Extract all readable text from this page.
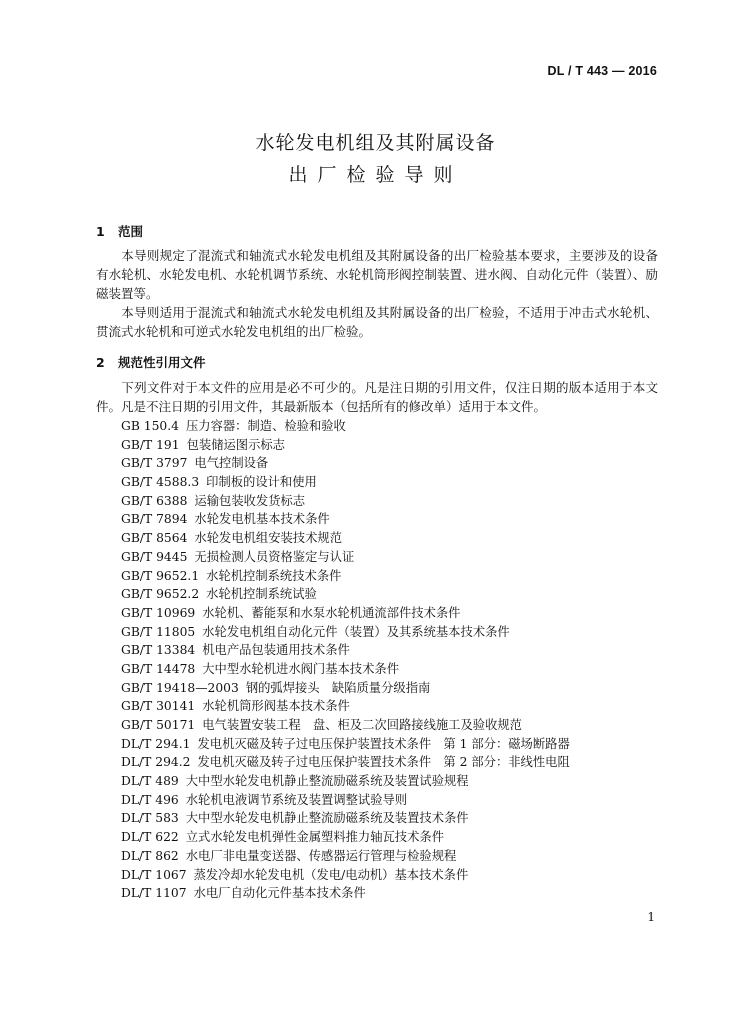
DL / T 443 — 2016
水轮发电机组及其附属设备
出厂检验导则
1 范围
本导则规定了混流式和轴流式水轮发电机组及其附属设备的出厂检验基本要求，主要涉及的设备有水轮机、水轮发电机、水轮机调节系统、水轮机筒形阀控制装置、进水阀、自动化元件（装置）、励磁装置等。
本导则适用于混流式和轴流式水轮发电机组及其附属设备的出厂检验，不适用于冲击式水轮机、贯流式水轮机和可逆式水轮发电机组的出厂检验。
2 规范性引用文件
下列文件对于本文件的应用是必不可少的。凡是注日期的引用文件，仅注日期的版本适用于本文件。凡是不注日期的引用文件，其最新版本（包括所有的修改单）适用于本文件。
GB 150.4 压力容器：制造、检验和验收
GB/T 191 包装储运图示标志
GB/T 3797 电气控制设备
GB/T 4588.3 印制板的设计和使用
GB/T 6388 运输包装收发货标志
GB/T 7894 水轮发电机基本技术条件
GB/T 8564 水轮发电机组安装技术规范
GB/T 9445 无损检测人员资格鉴定与认证
GB/T 9652.1 水轮机控制系统技术条件
GB/T 9652.2 水轮机控制系统试验
GB/T 10969 水轮机、蓄能泵和水泵水轮机通流部件技术条件
GB/T 11805 水轮发电机组自动化元件（装置）及其系统基本技术条件
GB/T 13384 机电产品包装通用技术条件
GB/T 14478 大中型水轮机进水阀门基本技术条件
GB/T 19418—2003 钢的弧焊接头　缺陷质量分级指南
GB/T 30141 水轮机筒形阀基本技术条件
GB/T 50171 电气装置安装工程　盘、柜及二次回路接线施工及验收规范
DL/T 294.1 发电机灭磁及转子过电压保护装置技术条件　第 1 部分：磁场断路器
DL/T 294.2 发电机灭磁及转子过电压保护装置技术条件　第 2 部分：非线性电阻
DL/T 489 大中型水轮发电机静止整流励磁系统及装置试验规程
DL/T 496 水轮机电液调节系统及装置调整试验导则
DL/T 583 大中型水轮发电机静止整流励磁系统及装置技术条件
DL/T 622 立式水轮发电机弹性金属塑料推力轴瓦技术条件
DL/T 862 水电厂非电量变送器、传感器运行管理与检验规程
DL/T 1067 蒸发冷却水轮发电机（发电/电动机）基本技术条件
DL/T 1107 水电厂自动化元件基本技术条件
1
